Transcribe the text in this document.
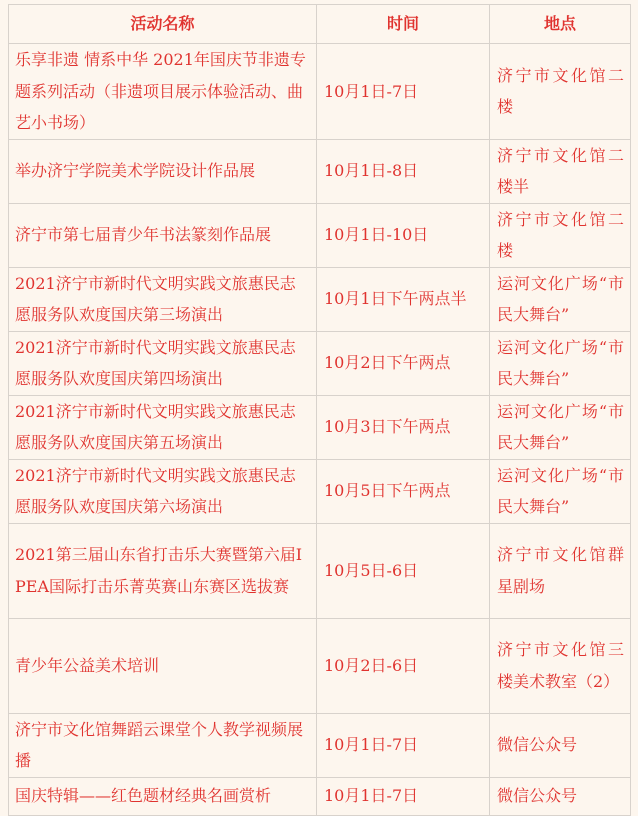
活动名称	时间	地点
乐享非遗 情系中华 2021年国庆节非遗专题系列活动（非遗项目展示体验活动、曲艺小书场）	10月1日-7日	济宁市文化馆二楼
举办济宁学院美术学院设计作品展	10月1日-8日	济宁市文化馆二楼半
济宁市第七届青少年书法篆刻作品展	10月1日-10日	济宁市文化馆二楼
2021济宁市新时代文明实践文旅惠民志愿服务队欢度国庆第三场演出	10月1日下午两点半	运河文化广场“市民大舞台”
2021济宁市新时代文明实践文旅惠民志愿服务队欢度国庆第四场演出	10月2日下午两点	运河文化广场“市民大舞台”
2021济宁市新时代文明实践文旅惠民志愿服务队欢度国庆第五场演出	10月3日下午两点	运河文化广场“市民大舞台”
2021济宁市新时代文明实践文旅惠民志愿服务队欢度国庆第六场演出	10月5日下午两点	运河文化广场“市民大舞台”
2021第三届山东省打击乐大赛暨第六届IPEA国际打击乐菁英赛山东赛区选拔赛	10月5日-6日	济宁市文化馆群星剧场
青少年公益美术培训	10月2日-6日	济宁市文化馆三楼美术教室（2）
济宁市文化馆舞蹈云课堂个人教学视频展播	10月1日-7日	微信公众号
国庆特辑——红色题材经典名画赏析	10月1日-7日	微信公众号
